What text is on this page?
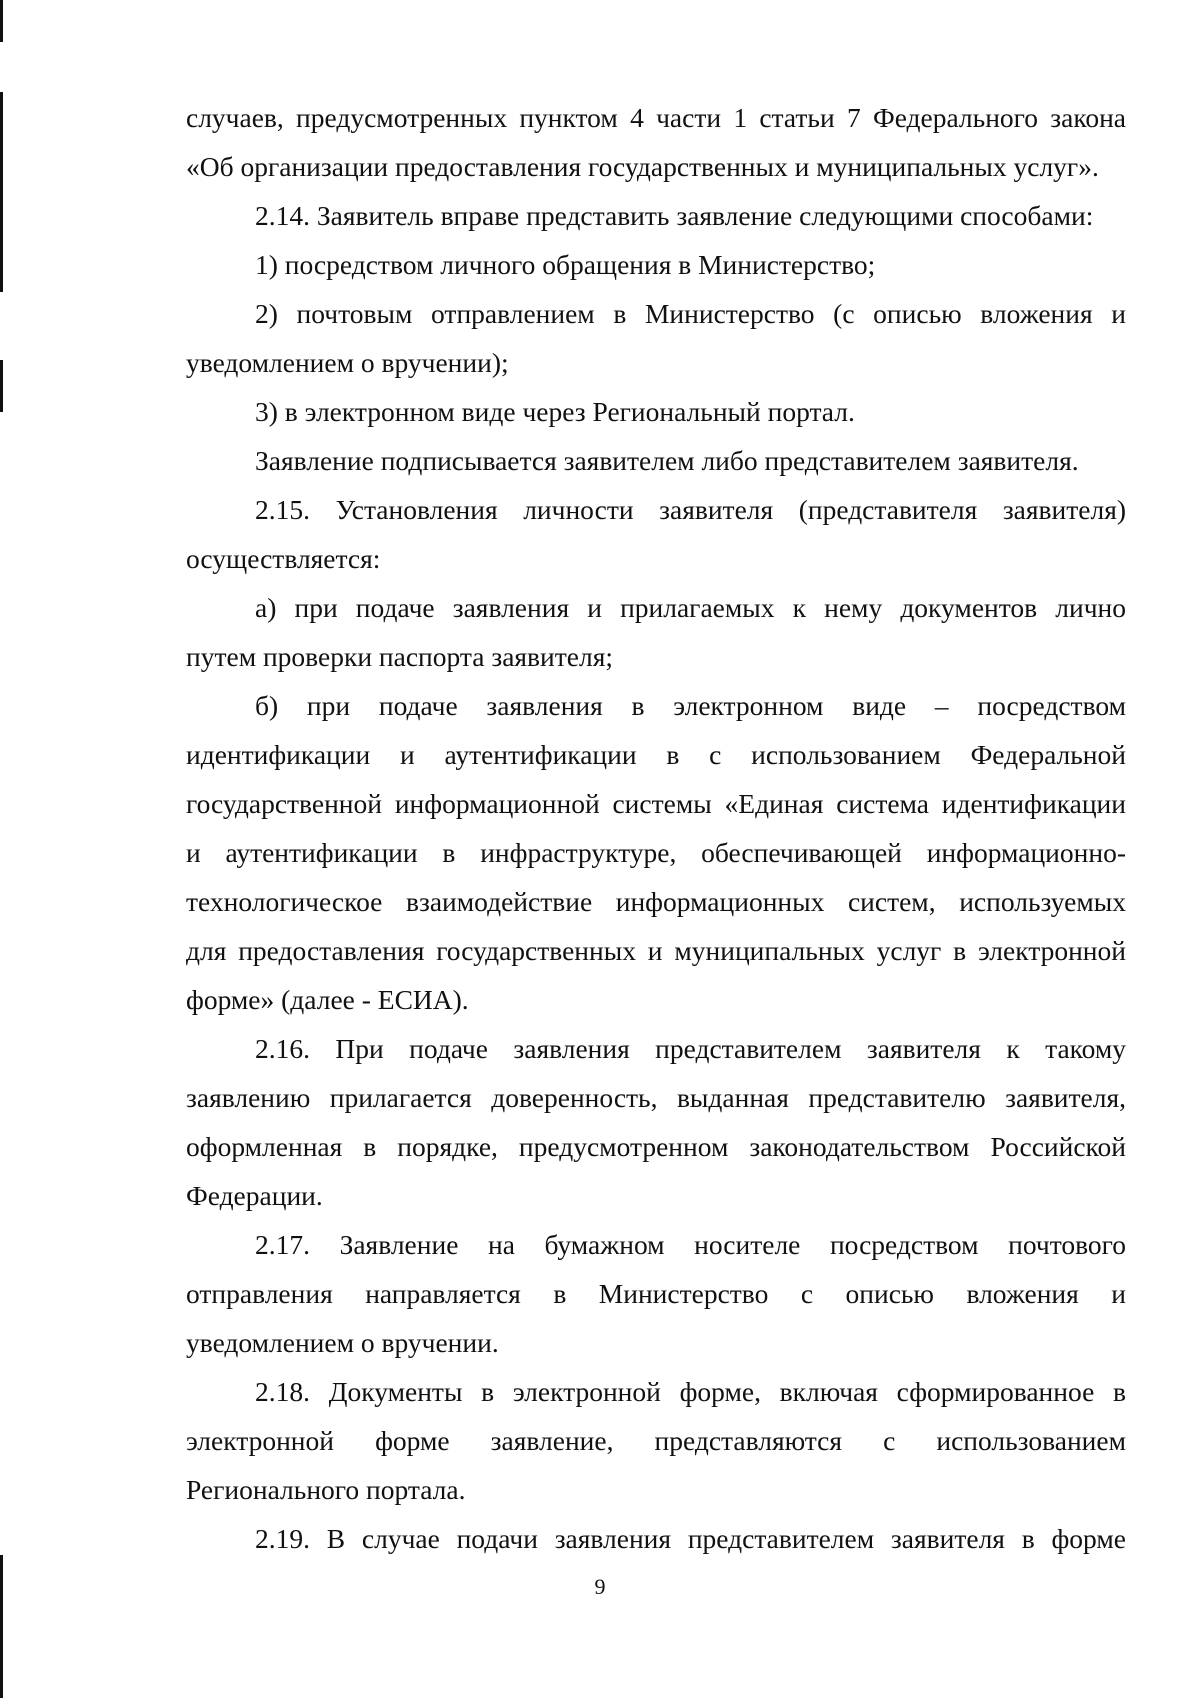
случаев, предусмотренных пунктом 4 части 1 статьи 7 Федерального закона
«Об организации предоставления государственных и муниципальных услуг».
2.14. Заявитель вправе представить заявление следующими способами:
1) посредством личного обращения в Министерство;
2) почтовым отправлением в Министерство (с описью вложения и
уведомлением о вручении);
3) в электронном виде через Региональный портал.
Заявление подписывается заявителем либо представителем заявителя.
2.15. Установления личности заявителя (представителя заявителя)
осуществляется:
а) при подаче заявления и прилагаемых к нему документов лично
путем проверки паспорта заявителя;
б) при подаче заявления в электронном виде – посредством
идентификации и аутентификации в с использованием Федеральной
государственной информационной системы «Единая система идентификации
и аутентификации в инфраструктуре, обеспечивающей информационно-
технологическое взаимодействие информационных систем, используемых
для предоставления государственных и муниципальных услуг в электронной
форме» (далее - ЕСИА).
2.16. При подаче заявления представителем заявителя к такому
заявлению прилагается доверенность, выданная представителю заявителя,
оформленная в порядке, предусмотренном законодательством Российской
Федерации.
2.17. Заявление на бумажном носителе посредством почтового
отправления направляется в Министерство с описью вложения и
уведомлением о вручении.
2.18. Документы в электронной форме, включая сформированное в
электронной форме заявление, представляются с использованием
Регионального портала.
2.19. В случае подачи заявления представителем заявителя в форме
9
